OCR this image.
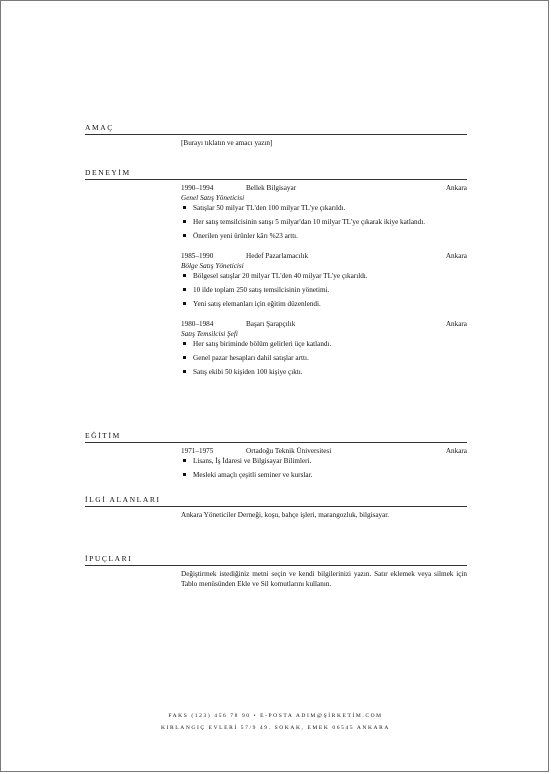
AMAÇ
[Burayı tıklatın ve amacı yazın]
DENEYİM
1990–1994	Bellek Bilgisayar	Ankara
Genel Satış Yöneticisi
Satışlar 50 milyar TL'den 100 milyar TL'ye çıkarıldı.
Her satış temsilcisinin satışı 5 milyar'dan 10 milyar TL'ye çıkarak ikiye katlandı.
Önerilen yeni ürünler kârı %23 arttı.
1985–1990	Hedef Pazarlamacılık	Ankara
Bölge Satış Yöneticisi
Bölgesel satışlar 20 milyar TL'den 40 milyar TL'ye çıkarıldı.
10 ilde toplam 250 satış temsilcisinin yönetimi.
Yeni satış elemanları için eğitim düzenlendi.
1980–1984	Başarı Şarapçılık	Ankara
Satış Temsilcisi Şefi
Her satış biriminde bölüm gelirleri üçe katlandı.
Genel pazar hesapları dahil satışlar arttı.
Satış ekibi 50 kişiden 100 kişiye çıktı.
EĞİTİM
1971–1975	Ortadoğu Teknik Üniversitesi	Ankara
Lisans, İş İdaresi ve Bilgisayar Bilimleri.
Mesleki amaçlı çeşitli seminer ve kurslar.
İLGİ ALANLARI
Ankara Yöneticiler Derneği, koşu, bahçe işleri, marangozluk, bilgisayar.
İPUÇLARI
Değiştirmek istediğiniz metni seçin ve kendi bilgilerinizi yazın. Satır eklemek veya silmek için Tablo menüsünden Ekle ve Sil komutlarını kullanın.
FAKS (123) 456 78 90 • E-POSTA ADIM@ŞİRKETİM.COM
KIRLANGIÇ EVLERİ 57/9 49. SOKAK, EMEK 06545 ANKARA
